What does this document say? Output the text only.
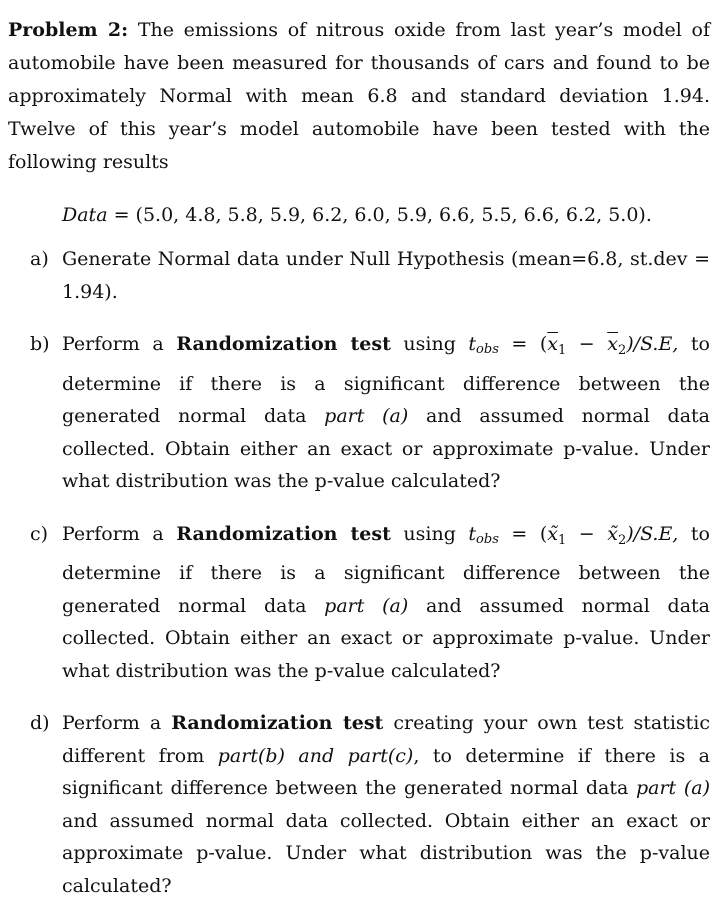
Problem 2: The emissions of nitrous oxide from last year’s model of automobile have been measured for thousands of cars and found to be approximately Normal with mean 6.8 and standard deviation 1.94. Twelve of this year’s model automobile have been tested with the following results

Data = (5.0, 4.8, 5.8, 5.9, 6.2, 6.0, 5.9, 6.6, 5.5, 6.6, 6.2, 5.0).
a) Generate Normal data under Null Hypothesis (mean=6.8, st.dev = 1.94).
b) Perform a Randomization test using tobs = $(\overline{x}_1 - \overline{x}_2)/S.E$, to determine if there is a significant difference between the generated normal data part (a) and assumed normal data collected. Obtain either an exact or approximate p-value. Under what distribution was the p-value calculated?
c) Perform a Randomization test using tobs = ($x̃_1$ − $x̃_2)/S.E$, to determine if there is a significant difference between the generated normal data part (a) and assumed normal data collected. Obtain either an exact or approximate p-value. Under what distribution was the p-value calculated?
d) Perform a Randomization test creating your own test statistic different from part(b) and part(c), to determine if there is a significant difference between the generated normal data part (a) and assumed normal data collected. Obtain either an exact or approximate p-value. Under what distribution was the p-value calculated?
